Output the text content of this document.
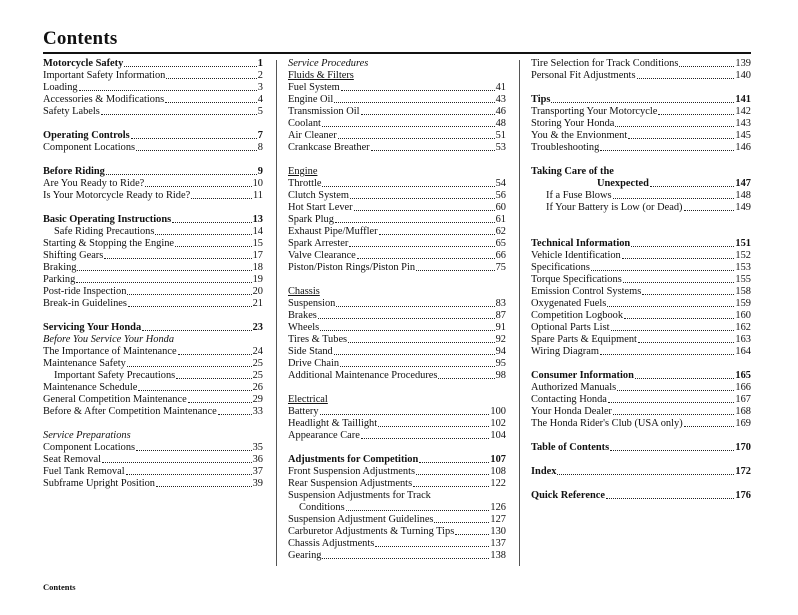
Contents
Motorcycle Safety	1
Important Safety Information	2
Loading	3
Accessories & Modifications	4
Safety Labels	5
Operating Controls	7
Component Locations	8
Before Riding	9
Are You Ready to Ride?	10
Is Your Motorcycle Ready to Ride?	11
Basic Operating Instructions	13
Safe Riding Precautions	14
Starting & Stopping the Engine	15
Shifting Gears	17
Braking	18
Parking	19
Post-ride Inspection	20
Break-in Guidelines	21
Servicing Your Honda	23
Before You Service Your Honda
The Importance of Maintenance	24
Maintenance Safety	25
Important Safety Precautions	25
Maintenance Schedule	26
General Competition Maintenance	29
Before & After Competition Maintenance	33
Service Preparations
Component Locations	35
Seat Removal	36
Fuel Tank Removal	37
Subframe Upright Position	39
Service Procedures
Fluids & Filters
Fuel System	41
Engine Oil	43
Transmission Oil	46
Coolant	48
Air Cleaner	51
Crankcase Breather	53
Engine
Throttle	54
Clutch System	56
Hot Start Lever	60
Spark Plug	61
Exhaust Pipe/Muffler	62
Spark Arrester	65
Valve Clearance	66
Piston/Piston Rings/Piston Pin	75
Chassis
Suspension	83
Brakes	87
Wheels	91
Tires & Tubes	92
Side Stand	94
Drive Chain	95
Additional Maintenance Procedures	98
Electrical
Battery	100
Headlight & Taillight	102
Appearance Care	104
Adjustments for Competition	107
Front Suspension Adjustments	108
Rear Suspension Adjustments	122
Suspension Adjustments for Track
Conditions	126
Suspension Adjustment Guidelines	127
Carburetor Adjustments & Turning Tips	130
Chassis Adjustments	137
Gearing	138
Tire Selection for Track Conditions	139
Personal Fit Adjustments	140
Tips	141
Transporting Your Motorcycle	142
Storing Your Honda	143
You & the Envionment	145
Troubleshooting	146
Taking Care of the
Unexpected	147
If a Fuse Blows	148
If Your Battery is Low (or Dead)	149
Technical Information	151
Vehicle Identification	152
Specifications	153
Torque Specifications	155
Emission Control Systems	158
Oxygenated Fuels	159
Competition Logbook	160
Optional Parts List	162
Spare Parts & Equipment	163
Wiring Diagram	164
Consumer Information	165
Authorized Manuals	166
Contacting Honda	167
Your Honda Dealer	168
The Honda Rider's Club (USA only)	169
Table of Contents	170
Index	172
Quick Reference	176
Contents
